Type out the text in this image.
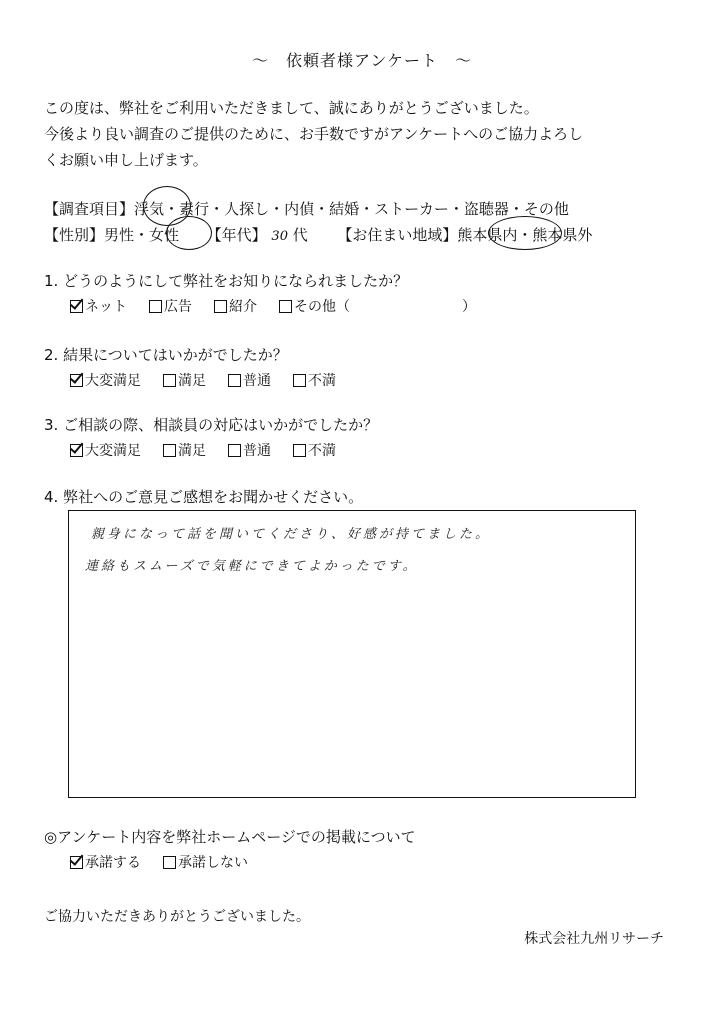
～　依頼者様アンケート　～
この度は、弊社をご利用いただきまして、誠にありがとうございました。
今後より良い調査のご提供のために、お手数ですがアンケートへのご協力よろし
くお願い申し上げます。
【調査項目】浮気・素行・人探し・内偵・結婚・ストーカー・盗聴器・その他
【性別】男性・女性 【年代】 30 代 【お住まい地域】熊本県内・熊本県外
1. どうのようにして弊社をお知りになられましたか？
ネット	広告	紹介	その他（　　　　　　　　）
2. 結果についてはいかがでしたか？
大変満足	満足	普通	不満
3. ご相談の際、相談員の対応はいかがでしたか？
大変満足	満足	普通	不満
4. 弊社へのご意見ご感想をお聞かせください。
親身になって話を聞いてくださり、好感が持てました。
連絡もスムーズで気軽にできてよかったです。
◎アンケート内容を弊社ホームページでの掲載について
承諾する	承諾しない
ご協力いただきありがとうございました。
株式会社九州リサーチ
